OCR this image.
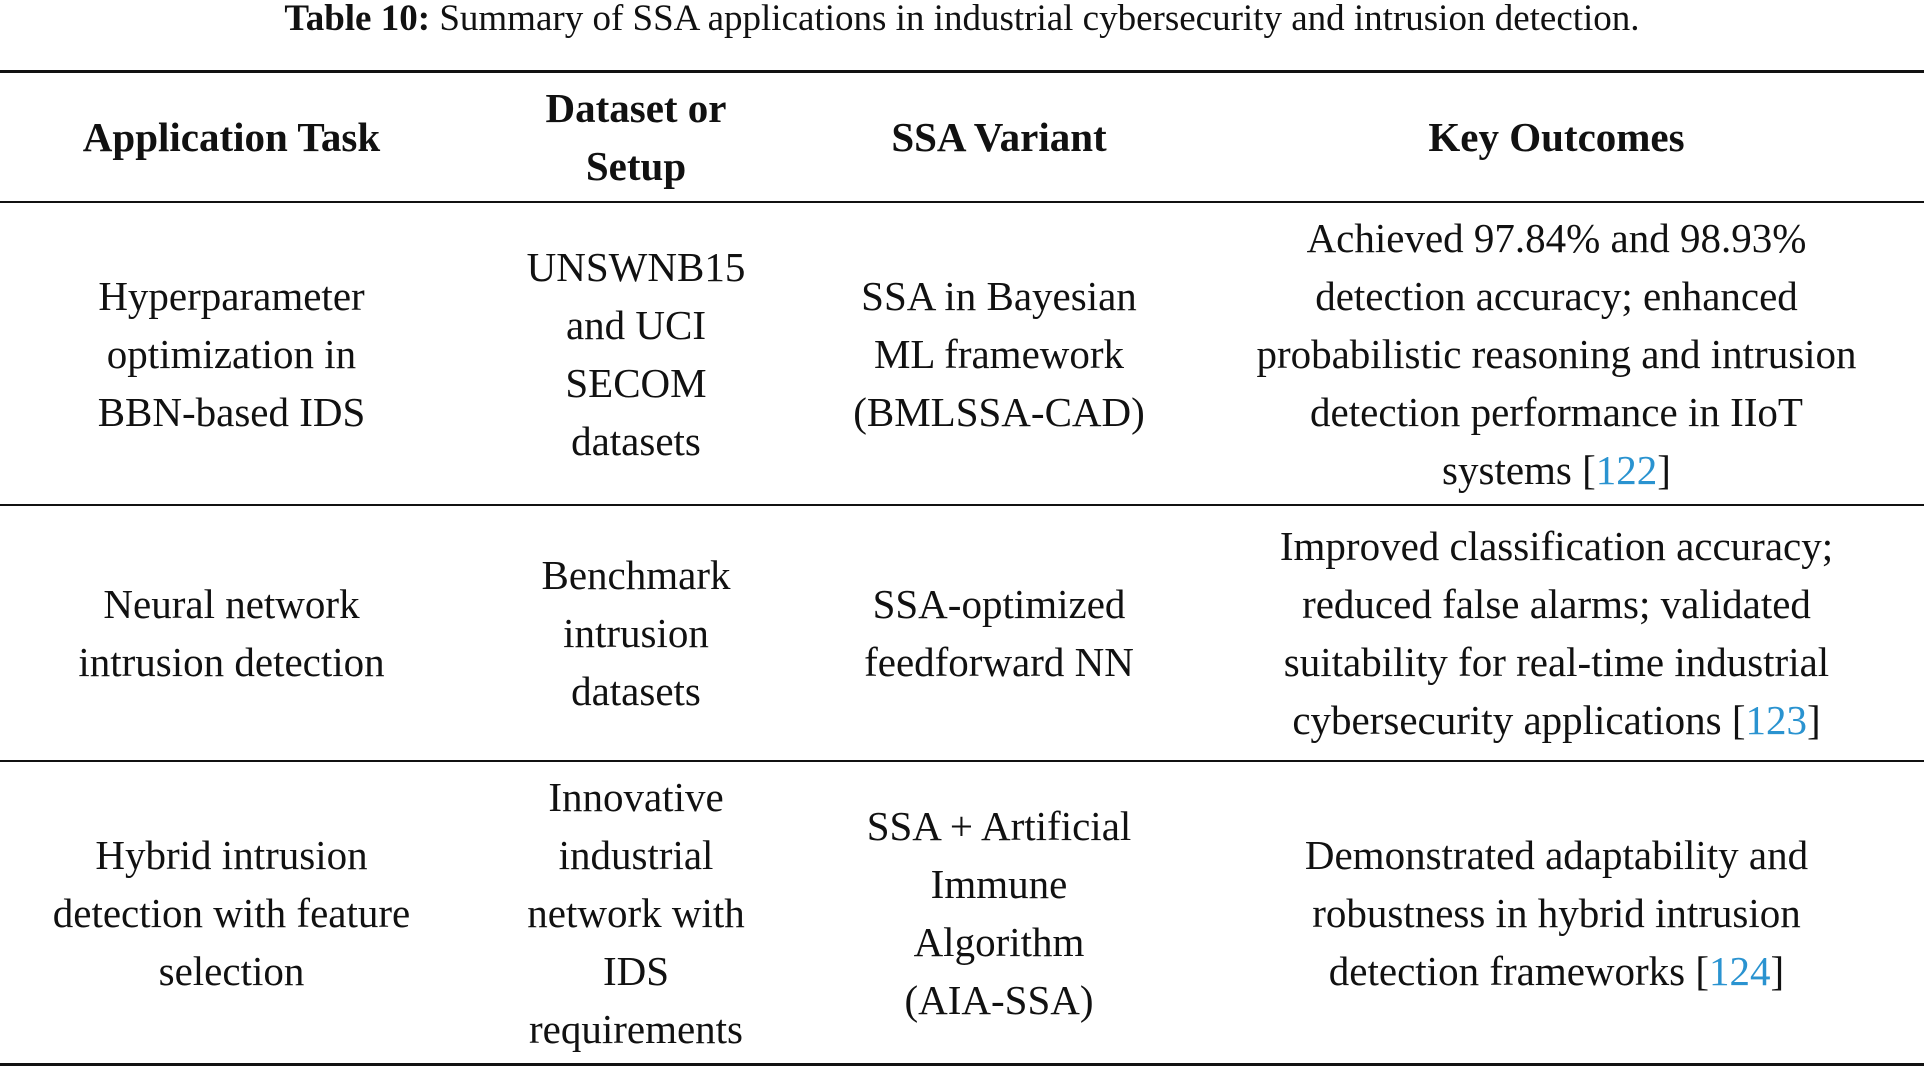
Table 10: Summary of SSA applications in industrial cybersecurity and intrusion detection.
Application Task
Dataset or
Setup
SSA Variant	Key Outcomes
Hyperparameter
optimization in
BBN-based IDS
UNSWNB15
and UCI
SECOM
datasets
SSA in Bayesian
ML framework
(BMLSSA-CAD)
Achieved 97.84% and 98.93%
detection accuracy; enhanced
probabilistic reasoning and intrusion
detection performance in IIoT
systems [122]
Neural network
intrusion detection
Benchmark
intrusion
datasets
SSA-optimized
feedforward NN
Improved classification accuracy;
reduced false alarms; validated
suitability for real-time industrial
cybersecurity applications [123]
Hybrid intrusion
detection with feature
selection
Innovative
industrial
network with
IDS
requirements
SSA + Artificial
Immune
Algorithm
(AIA-SSA)
Demonstrated adaptability and
robustness in hybrid intrusion
detection frameworks [124]
